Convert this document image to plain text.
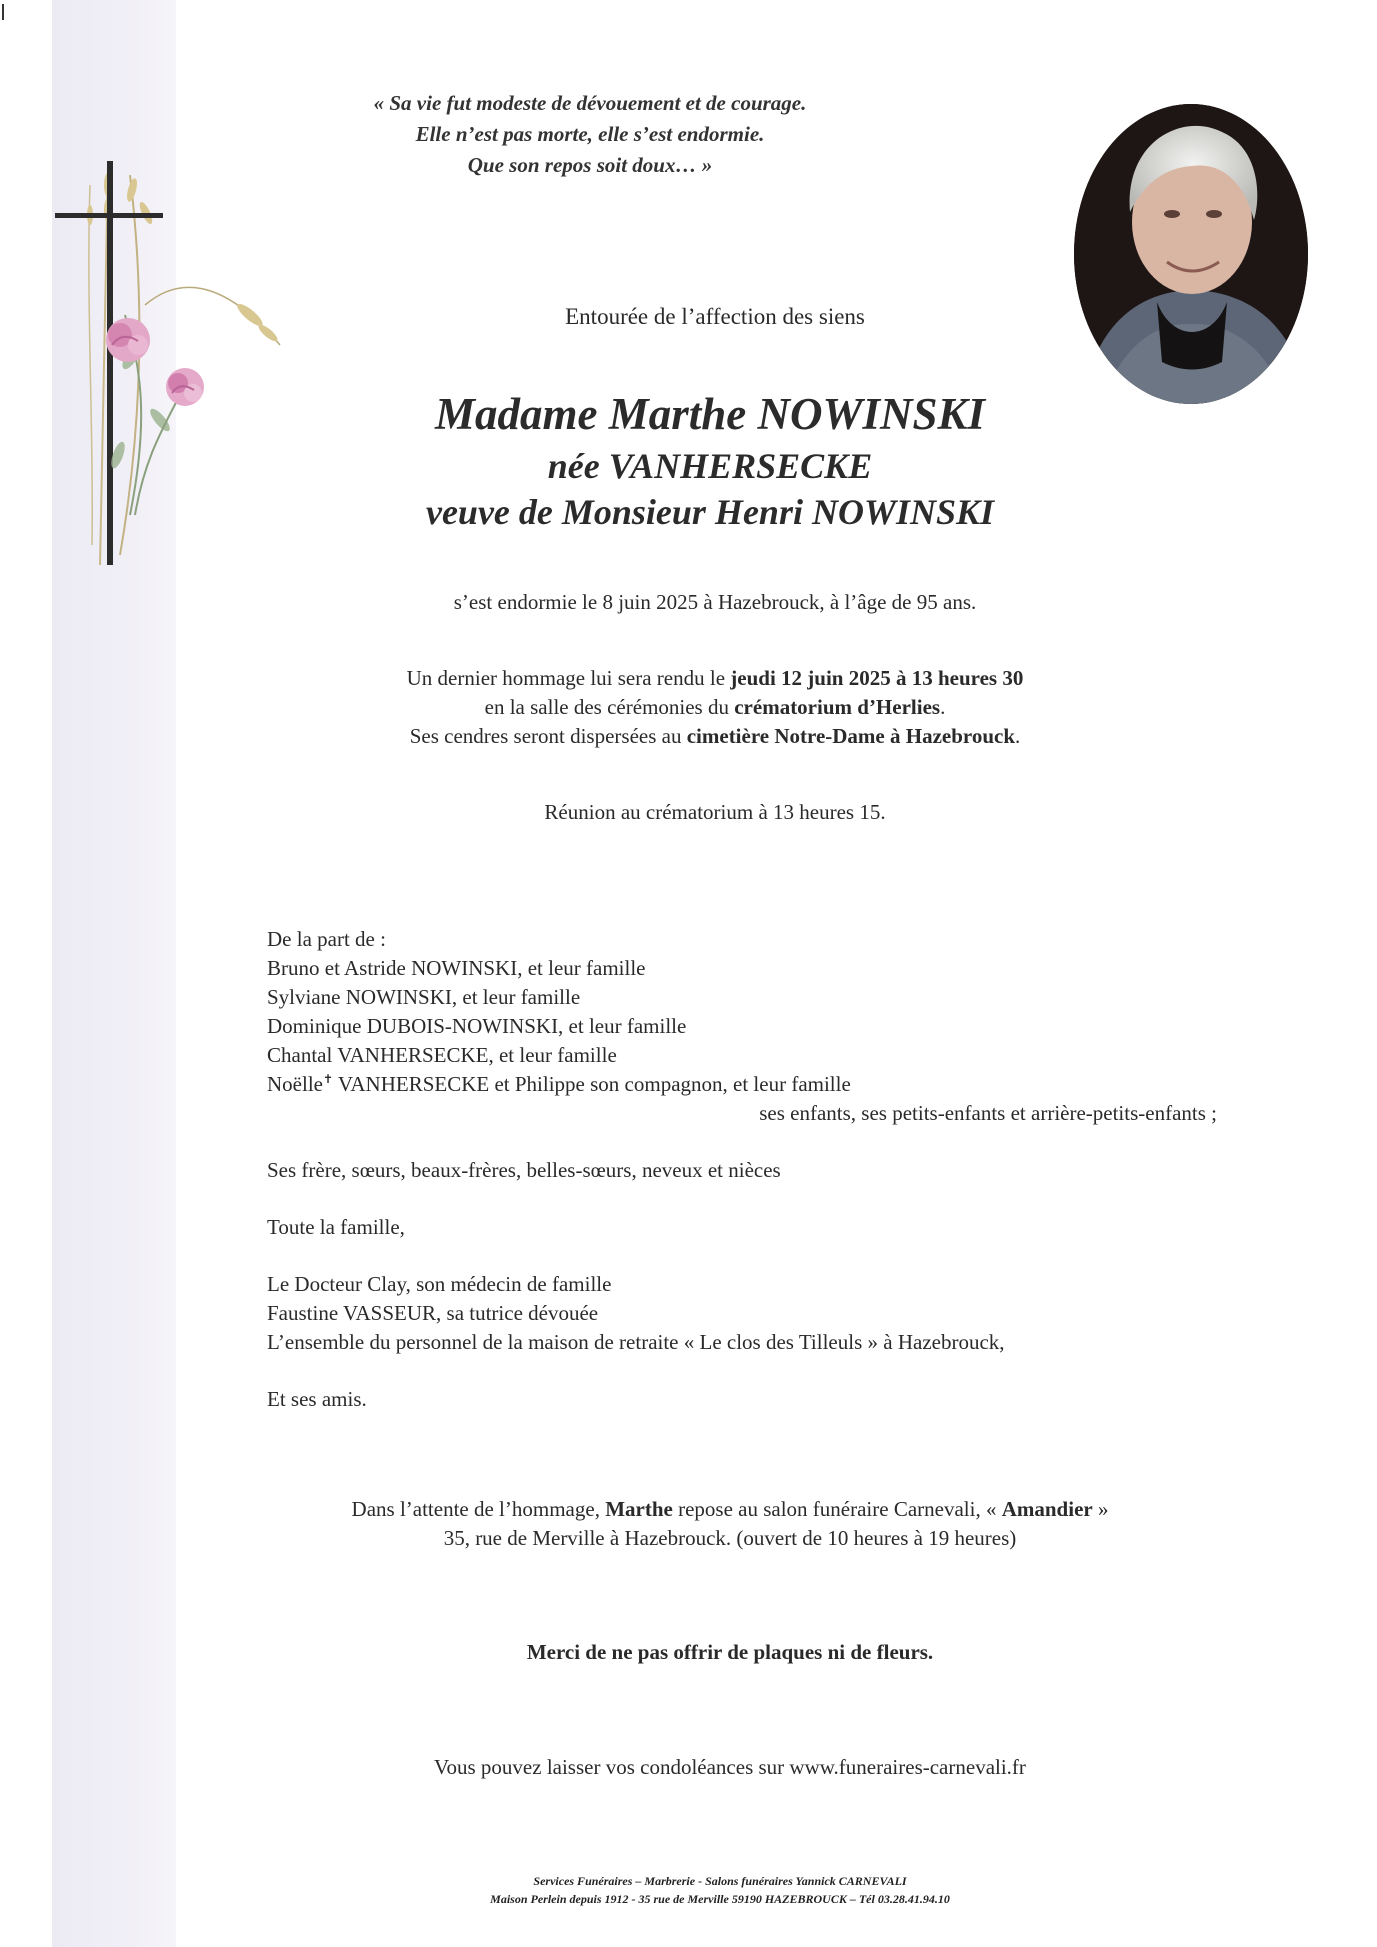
« Sa vie fut modeste de dévouement et de courage.
Elle n’est pas morte, elle s’est endormie.
Que son repos soit doux… »
Entourée de l’affection des siens
Madame Marthe NOWINSKI
née VANHERSECKE
veuve de Monsieur Henri NOWINSKI
s’est endormie le 8 juin 2025 à Hazebrouck, à l’âge de 95 ans.
Un dernier hommage lui sera rendu le jeudi 12 juin 2025 à 13 heures 30
en la salle des cérémonies du crématorium d’Herlies.
Ses cendres seront dispersées au cimetière Notre-Dame à Hazebrouck.
Réunion au crématorium à 13 heures 15.
De la part de :
Bruno et Astride NOWINSKI, et leur famille
Sylviane NOWINSKI, et leur famille
Dominique DUBOIS-NOWINSKI, et leur famille
Chantal VANHERSECKE, et leur famille
Noëlle✝ VANHERSECKE et Philippe son compagnon, et leur famille
ses enfants, ses petits-enfants et arrière-petits-enfants ;
Ses frère, sœurs, beaux-frères, belles-sœurs, neveux et nièces
Toute la famille,
Le Docteur Clay, son médecin de famille
Faustine VASSEUR, sa tutrice dévouée
L’ensemble du personnel de la maison de retraite « Le clos des Tilleuls » à Hazebrouck,
Et ses amis.
Dans l’attente de l’hommage, Marthe repose au salon funéraire Carnevali, « Amandier »
35, rue de Merville à Hazebrouck. (ouvert de 10 heures à 19 heures)
Merci de ne pas offrir de plaques ni de fleurs.
Vous pouvez laisser vos condoléances sur www.funeraires-carnevali.fr
Services Funéraires – Marbrerie - Salons funéraires Yannick CARNEVALI
Maison Perlein depuis 1912 - 35 rue de Merville 59190 HAZEBROUCK – Tél 03.28.41.94.10
